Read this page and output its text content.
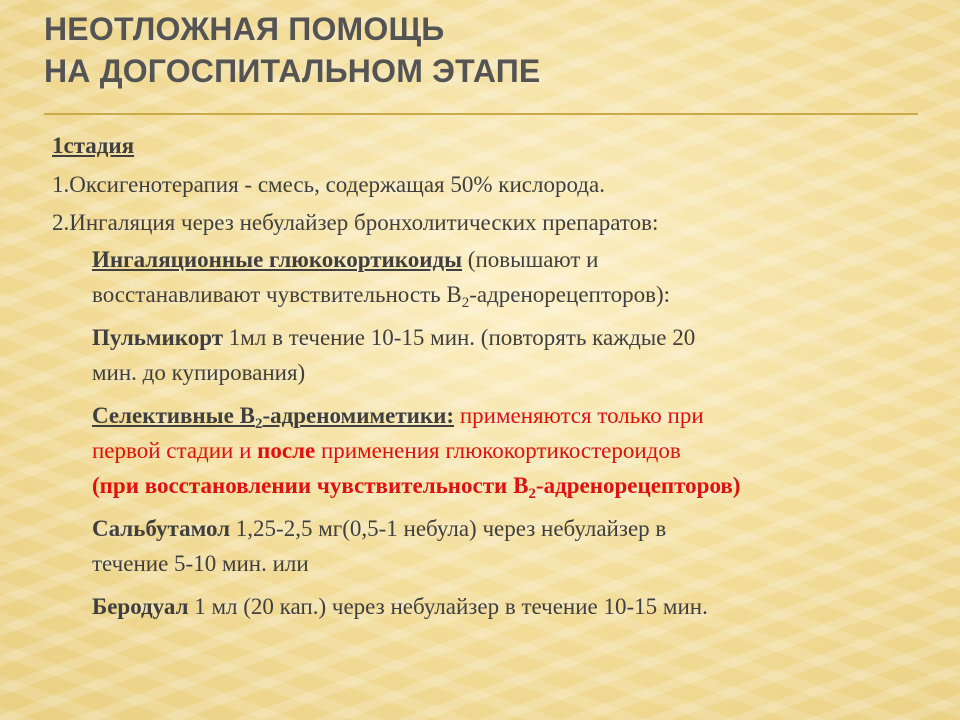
НЕОТЛОЖНАЯ ПОМОЩЬ
НА ДОГОСПИТАЛЬНОМ ЭТАПЕ
1стадия
1.Оксигенотерапия - смесь, содержащая 50% кислорода.
2.Ингаляция через небулайзер бронхолитических препаратов:
Ингаляционные глюкокортикоиды (повышают и
восстанавливают чувствительность $В_2-адренорецепторов$):
Пульмикорт 1мл в течение 10-15 мин. (повторять каждые 20
мин. до купирования)
Селективные $В_2$-адреномиметики: применяются только при
первой стадии и после применения глюкокортикостероидов
(при восстановлении чувствительности $В_2-адренорецепторов$)
Сальбутамол 1,25-2,5 мг(0,5-1 небула) через небулайзер в
течение 5-10 мин. или
Беродуал 1 мл (20 кап.) через небулайзер в течение 10-15 мин.
